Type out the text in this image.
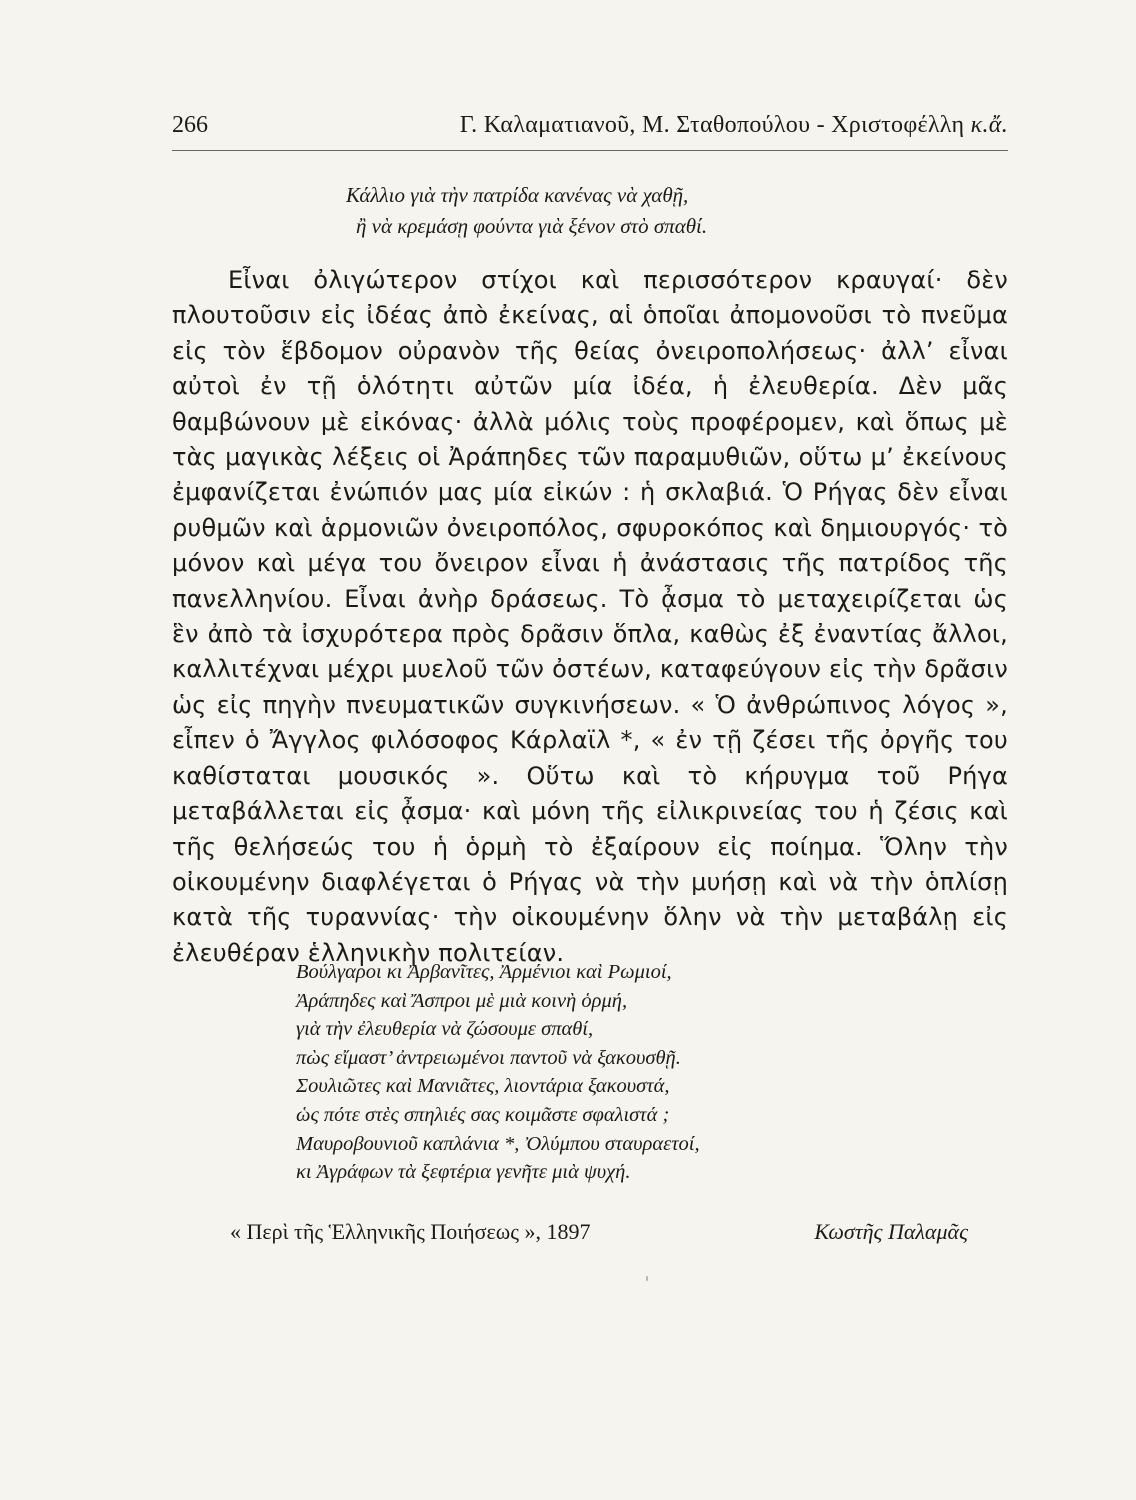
266	Γ. Καλαματιανοῦ, Μ. Σταθοπούλου - Χριστοφέλλη κ.ἄ.
Κάλλιο γιὰ τὴν πατρίδα κανένας νὰ χαθῇ,
ἢ νὰ κρεμάσῃ φούντα γιὰ ξένον στὸ σπαθί.

Εἶναι ὀλιγώτερον στίχοι καὶ περισσότερον κραυγαί· δὲν πλουτοῦσιν εἰς ἰδέας ἀπὸ ἐκείνας, αἱ ὁποῖαι ἀπομονοῦσι τὸ πνεῦμα εἰς τὸν ἕβδομον οὐρανὸν τῆς θείας ὀνειροπολήσεως· ἀλλ’ εἶναι αὐτοὶ ἐν τῇ ὁλότητι αὐτῶν μία ἰδέα, ἡ ἐλευθερία. Δὲν μᾶς θαμβώνουν μὲ εἰκόνας· ἀλλὰ μόλις τοὺς προφέρομεν, καὶ ὅπως μὲ τὰς μαγικὰς λέξεις οἱ Ἀράπηδες τῶν παραμυθιῶν, οὕτω μ’ ἐκείνους ἐμφανίζεται ἐνώπιόν μας μία εἰκών : ἡ σκλαβιά. Ὁ Ρήγας δὲν εἶναι ρυθμῶν καὶ ἁρμονιῶν ὀνειροπόλος, σφυροκόπος καὶ δημιουργός· τὸ μόνον καὶ μέγα του ὄνειρον εἶναι ἡ ἀνάστασις τῆς πατρίδος τῆς πανελληνίου. Εἶναι ἀνὴρ δράσεως. Τὸ ᾆσμα τὸ μεταχειρίζεται ὡς ἓν ἀπὸ τὰ ἰσχυρότερα πρὸς δρᾶσιν ὅπλα, καθὼς ἐξ ἐναντίας ἄλλοι, καλλιτέχναι μέχρι μυελοῦ τῶν ὀστέων, καταφεύγουν εἰς τὴν δρᾶσιν ὡς εἰς πηγὴν πνευματικῶν συγκινήσεων. « Ὁ ἀνθρώπινος λόγος », εἶπεν ὁ Ἄγγλος φιλόσοφος Κάρλαϊλ *, « ἐν τῇ ζέσει τῆς ὀργῆς του καθίσταται μουσικός ». Οὕτω καὶ τὸ κήρυγμα τοῦ Ρήγα μεταβάλλεται εἰς ᾆσμα· καὶ μόνη τῆς εἰλικρινείας του ἡ ζέσις καὶ τῆς θελήσεώς του ἡ ὁρμὴ τὸ ἐξαίρουν εἰς ποίημα. Ὅλην τὴν οἰκουμένην διαφλέγεται ὁ Ρήγας νὰ τὴν μυήσῃ καὶ νὰ τὴν ὁπλίσῃ κατὰ τῆς τυραννίας· τὴν οἰκουμένην ὅλην νὰ τὴν μεταβάλῃ εἰς ἐλευθέραν ἑλληνικὴν πολιτείαν.

Βούλγαροι κι Ἀρβανῖτες, Ἀρμένιοι καὶ Ρωμιοί,
Ἀράπηδες καὶ Ἄσπροι μὲ μιὰ κοινὴ ὁρμή,
γιὰ τὴν ἐλευθερία νὰ ζώσουμε σπαθί,
πὼς εἴμαστ’ ἀντρειωμένοι παντοῦ νὰ ξακουσθῇ.
Σουλιῶτες καὶ Μανιᾶτες, λιοντάρια ξακουστά,
ὡς πότε στὲς σπηλιές σας κοιμᾶστε σφαλιστά ;
Μαυροβουνιοῦ καπλάνια *, Ὀλύμπου σταυραετοί,
κι Ἀγράφων τὰ ξεφτέρια γενῆτε μιὰ ψυχή.
« Περὶ τῆς Ἑλληνικῆς Ποιήσεως », 1897	Κωστῆς Παλαμᾶς
